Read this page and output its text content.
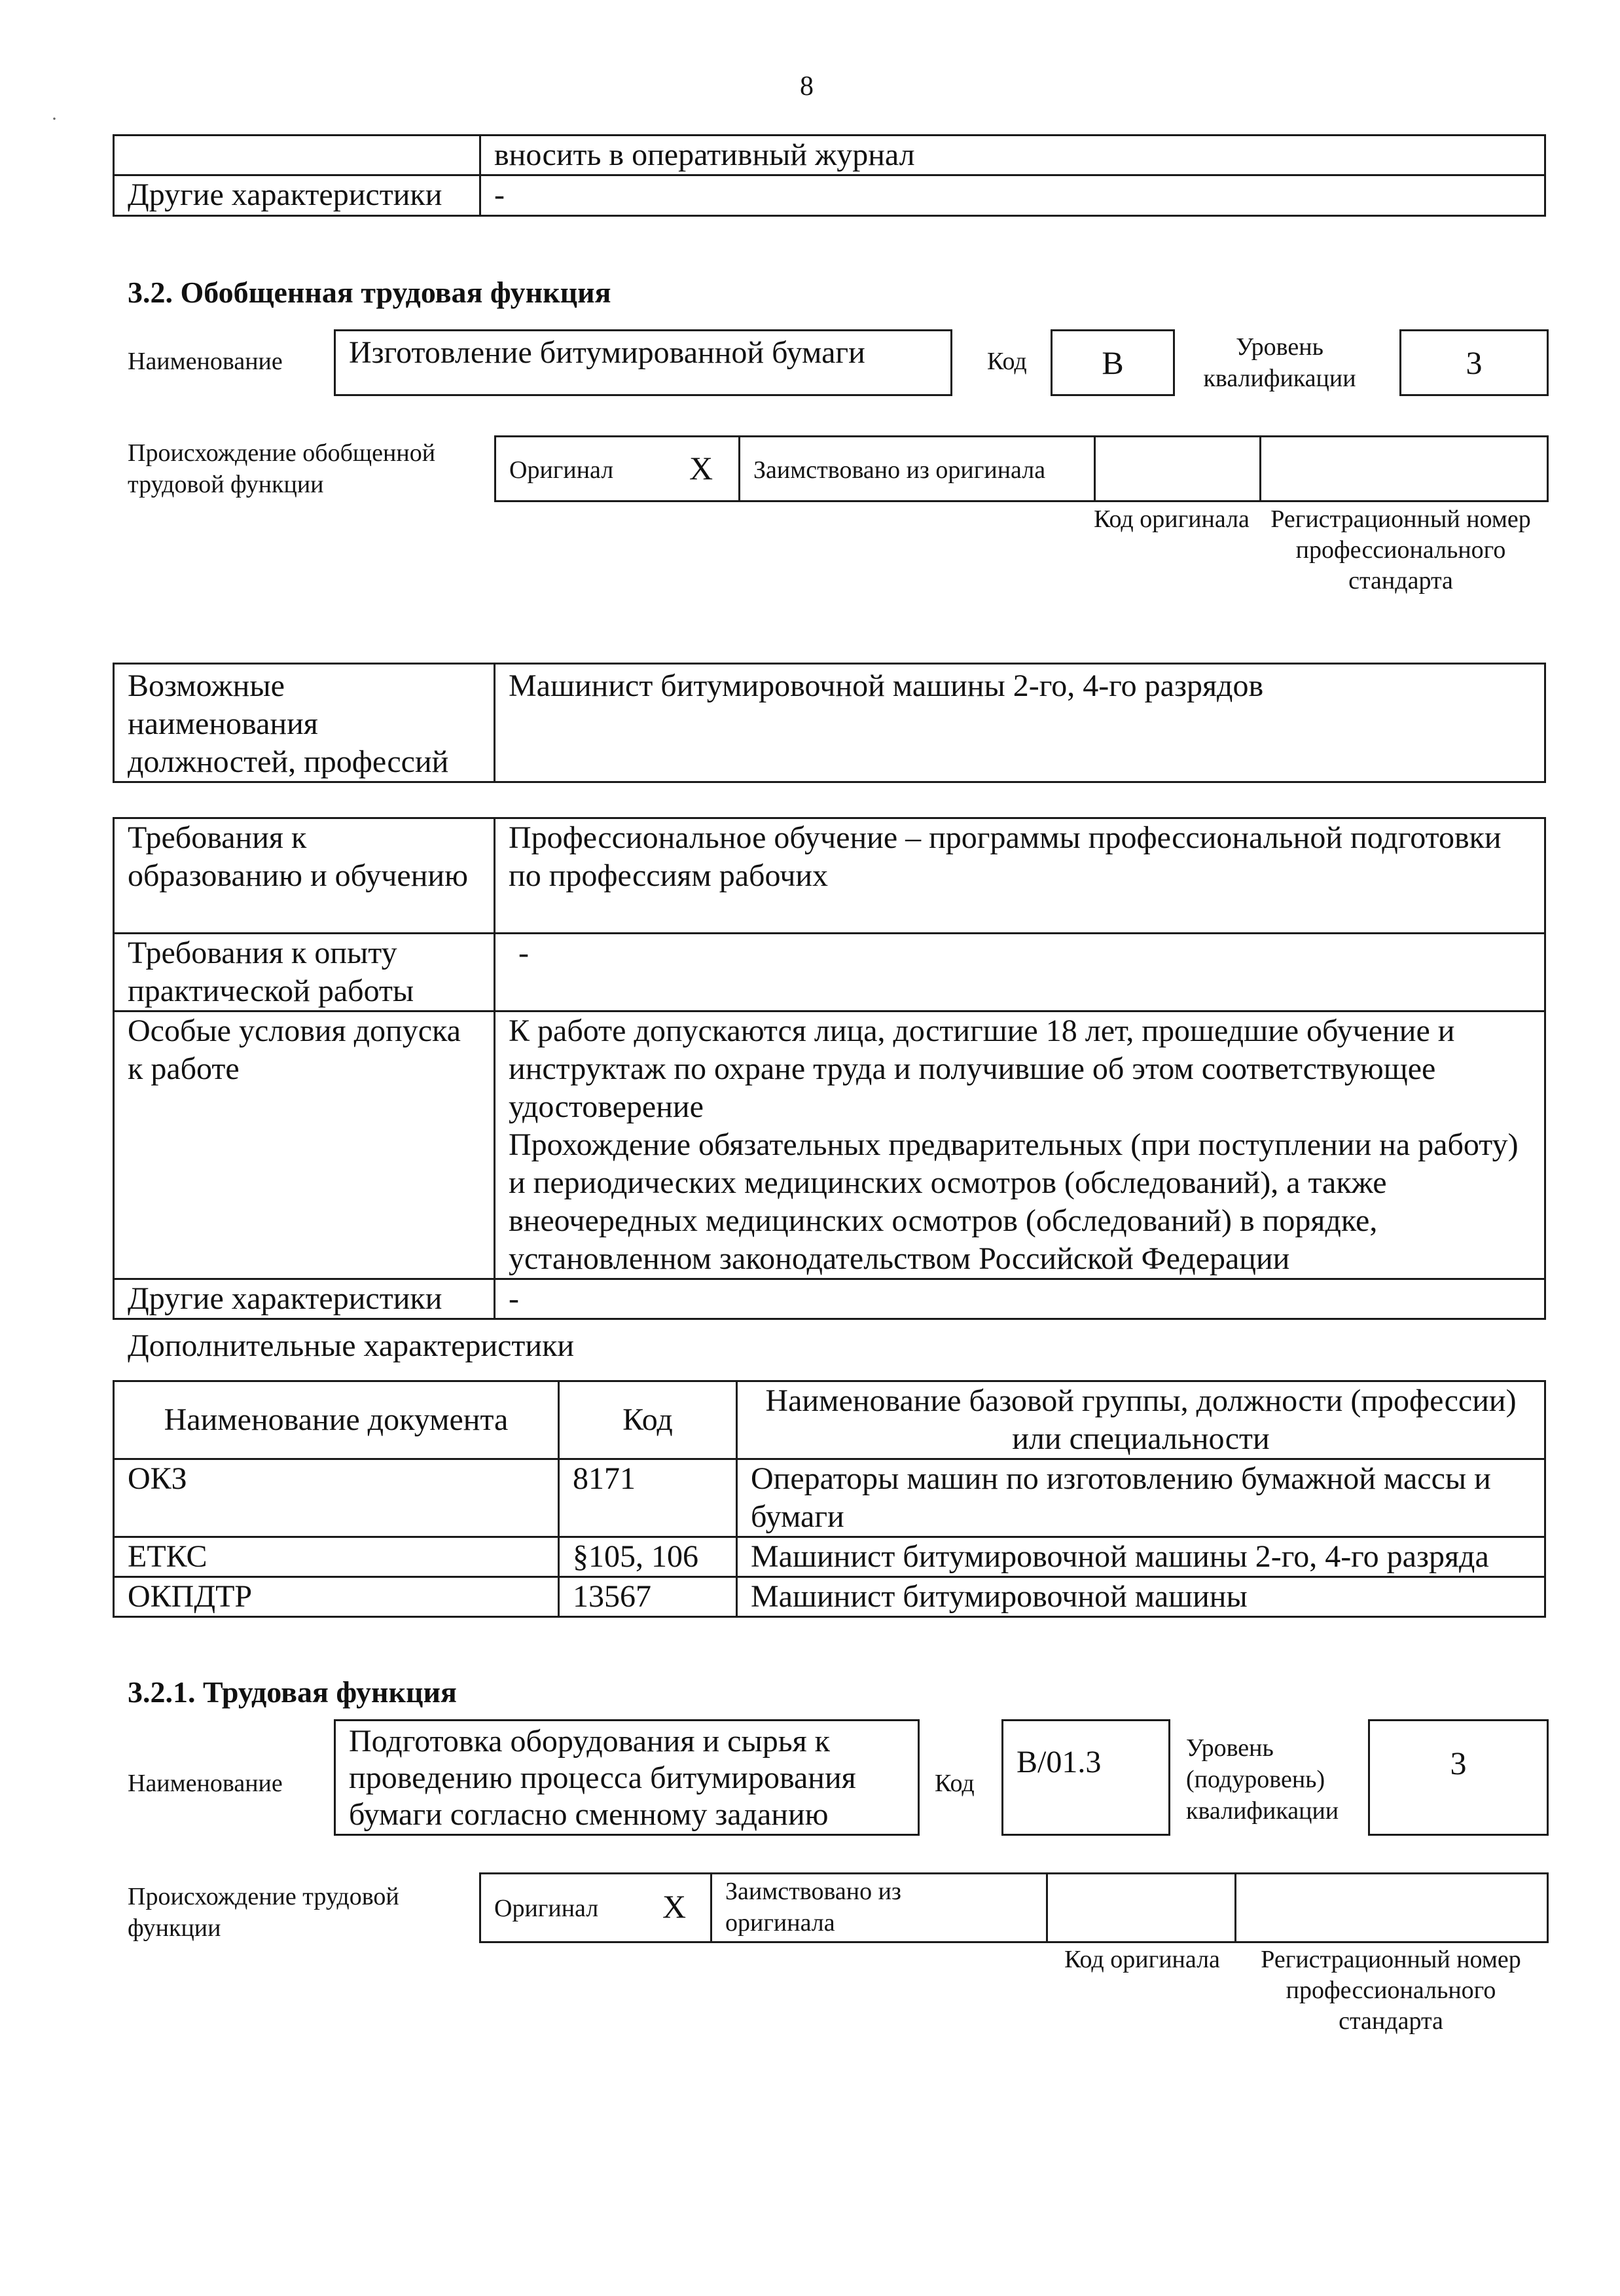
8
·
	вносить в оперативный журнал
Другие характеристики	-
3.2. Обобщенная трудовая функция
Наименование	Изготовление битумированной бумаги	Код	B	Уровень квалификации	3
Происхождение обобщенной трудовой функции
Оригинал X Заимствовано из оригинала
Код оригинала Регистрационный номер профессионального стандарта
Возможные наименования должностей, профессий	Машинист битумировочной машины 2-го, 4-го разрядов
Требования к образованию и обучению	Профессиональное обучение – программы профессиональной подготовки по профессиям рабочих
Требования к опыту практической работы	-
Особые условия допуска к работе	К работе допускаются лица, достигшие 18 лет, прошедшие обучение и инструктаж по охране труда и получившие об этом соответствующее удостоверение
Прохождение обязательных предварительных (при поступлении на работу) и периодических медицинских осмотров (обследований), а также внеочередных медицинских осмотров (обследований) в порядке, установленном законодательством Российской Федерации

Другие характеристики	-
Дополнительные характеристики
Наименование документа	Код	Наименование базовой группы, должности (профессии) или специальности
ОКЗ	8171	Операторы машин по изготовлению бумажной массы и бумаги
ЕТКС	§105, 106	Машинист битумировочной машины 2-го, 4-го разряда
ОКПДТР	13567	Машинист битумировочной машины
3.2.1. Трудовая функция
Наименование
Подготовка оборудования и сырья к проведению процесса битумирования бумаги согласно сменному заданию
Код
B/01.3	Уровень (подуровень) квалификации
3
Происхождение трудовой функции
Оригинал X Заимствовано из оригинала
Код оригинала	Регистрационный номер профессионального стандарта
